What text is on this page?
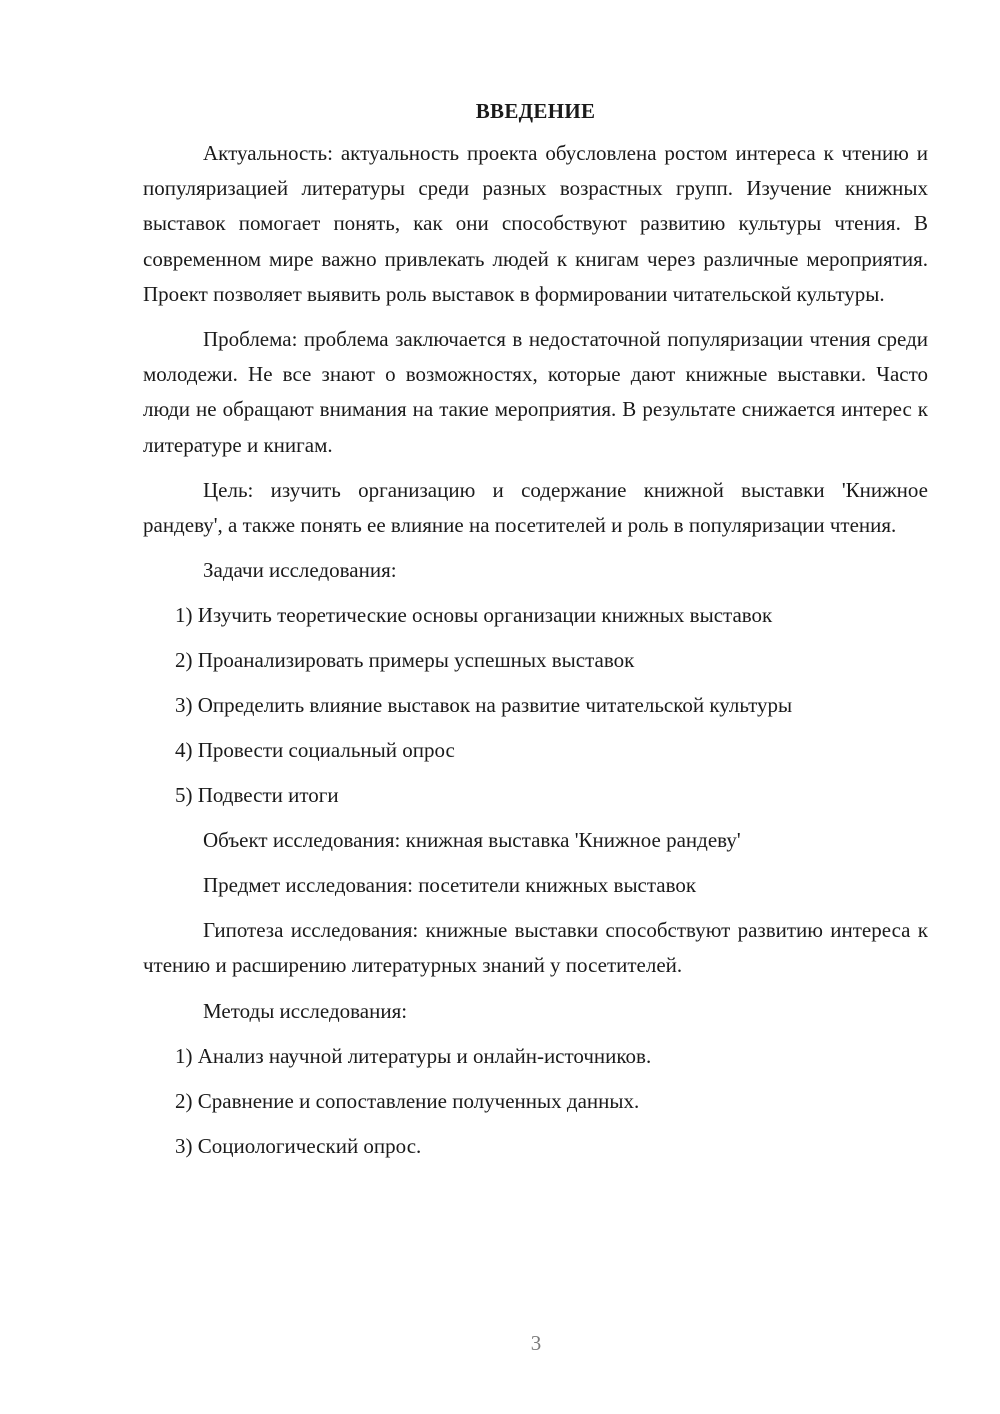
ВВЕДЕНИЕ

Актуальность: актуальность проекта обусловлена ростом интереса к чтению и популяризацией литературы среди разных возрастных групп. Изучение книжных выставок помогает понять, как они способствуют развитию культуры чтения. В современном мире важно привлекать людей к книгам через различные мероприятия. Проект позволяет выявить роль выставок в формировании читательской культуры.

Проблема: проблема заключается в недостаточной популяризации чтения среди молодежи. Не все знают о возможностях, которые дают книжные выставки. Часто люди не обращают внимания на такие мероприятия. В результате снижается интерес к литературе и книгам.

Цель: изучить организацию и содержание книжной выставки 'Книжное рандеву', а также понять ее влияние на посетителей и роль в популяризации чтения.

Задачи исследования:
1) Изучить теоретические основы организации книжных выставок
2) Проанализировать примеры успешных выставок
3) Определить влияние выставок на развитие читательской культуры
4) Провести социальный опрос
5) Подвести итоги
Объект исследования: книжная выставка 'Книжное рандеву'
Предмет исследования: посетители книжных выставок

Гипотеза исследования: книжные выставки способствуют развитию интереса к чтению и расширению литературных знаний у посетителей.

Методы исследования:
1) Анализ научной литературы и онлайн-источников.
2) Сравнение и сопоставление полученных данных.
3) Социологический опрос.
3
